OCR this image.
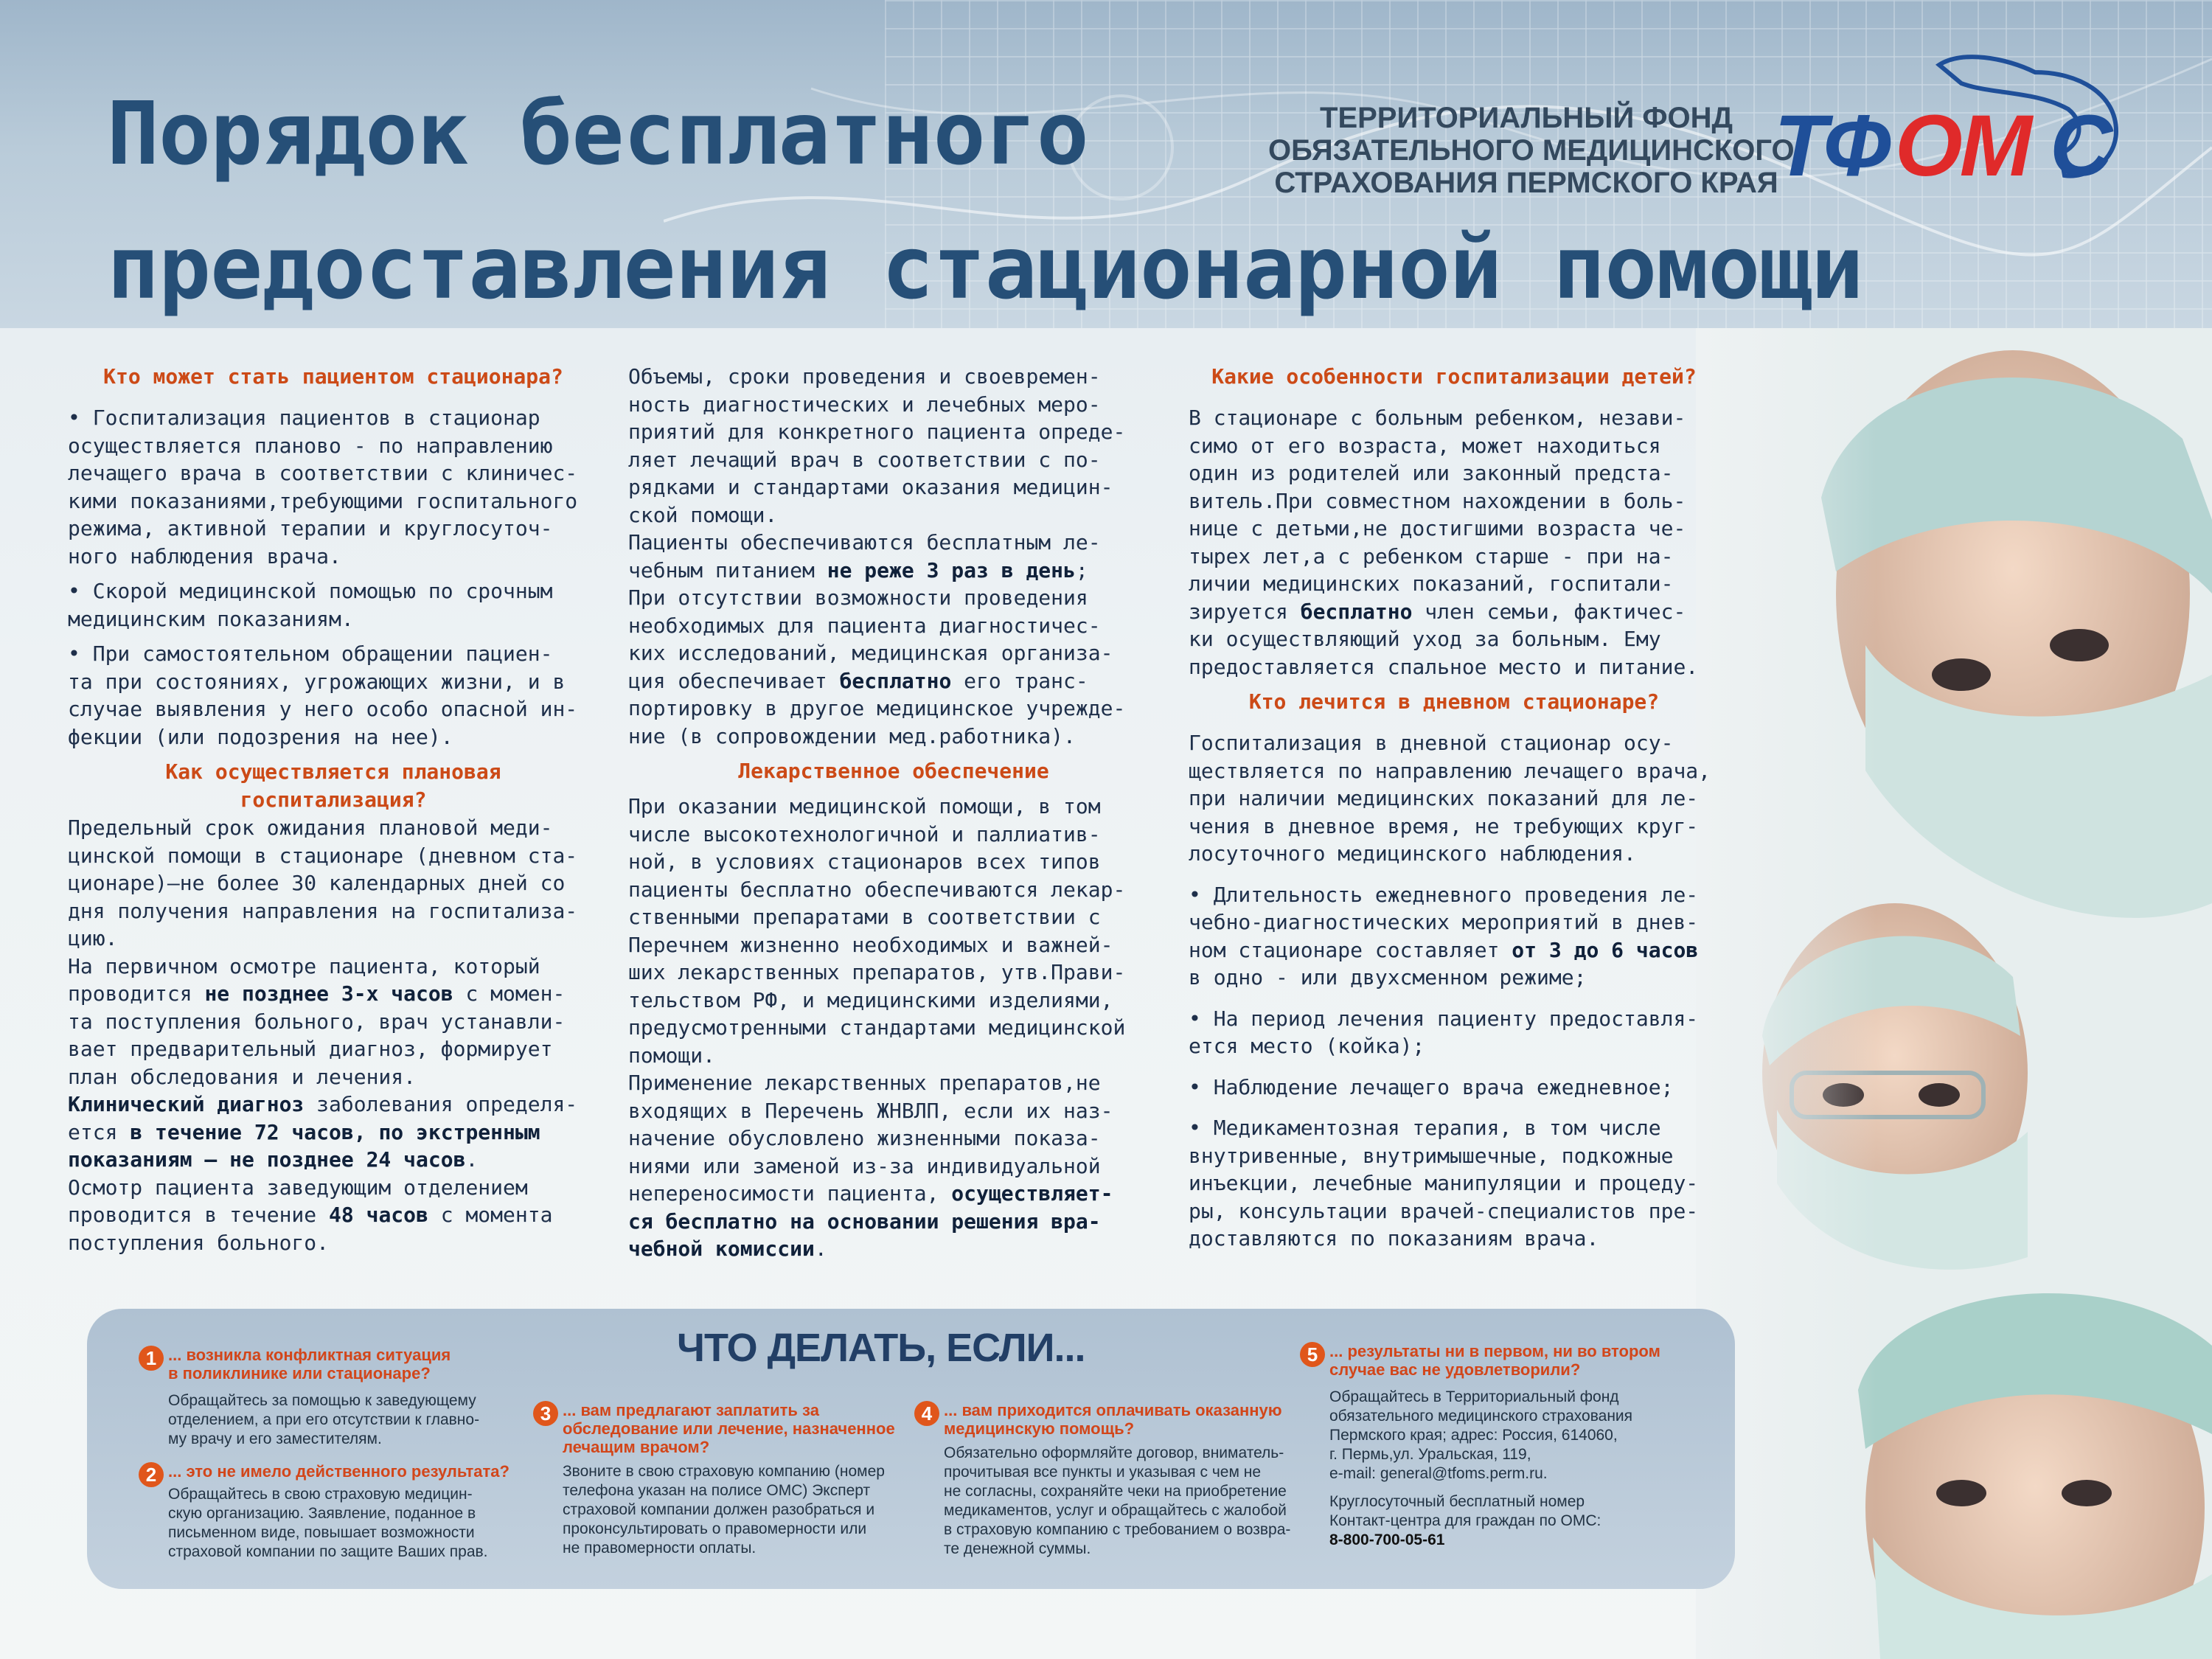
Порядок бесплатного
предоставления стационарной помощи
ТЕРРИТОРИАЛЬНЫЙ ФОНД
ОБЯЗАТЕЛЬНОГО МЕДИЦИНСКОГО
СТРАХОВАНИЯ ПЕРМСКОГО КРАЯ
ТФ ОМ С
Кто может стать пациентом стационара?
• Госпитализация пациентов в стационар
осуществляется планово - по направлению
лечащего врача в соответствии с клиничес-
кими показаниями,требующими госпитального
режима, активной терапии и круглосуточ-
ного наблюдения врача.
• Скорой медицинской помощью по срочным
медицинским показаниям.
• При самостоятельном обращении пациен-
та при состояниях, угрожающих жизни, и в
случае выявления у него особо опасной ин-
фекции (или подозрения на нее).
Как осуществляется плановая
госпитализация?
Предельный срок ожидания плановой меди-
цинской помощи в стационаре (дневном ста-
ционаре)–не более 30 календарных дней со
дня получения направления на госпитализа-
цию.
На первичном осмотре пациента, который
проводится не позднее 3-х часов с момен-
та поступления больного, врач устанавли-
вает предварительный диагноз, формирует
план обследования и лечения.
Клинический диагноз заболевания определя-
ется в течение 72 часов, по экстренным
показаниям – не позднее 24 часов.
Осмотр пациента заведующим отделением
проводится в течение 48 часов с момента
поступления больного.
Объемы, сроки проведения и своевремен-
ность диагностических и лечебных меро-
приятий для конкретного пациента опреде-
ляет лечащий врач в соответствии с по-
рядками и стандартами оказания медицин-
ской помощи.
Пациенты обеспечиваются бесплатным ле-
чебным питанием не реже 3 раз в день;
При отсутствии возможности проведения
необходимых для пациента диагностичес-
ких исследований, медицинская организа-
ция обеспечивает бесплатно его транс-
портировку в другое медицинское учрежде-
ние (в сопровождении мед.работника).
Лекарственное обеспечение
При оказании медицинской помощи, в том
числе высокотехнологичной и паллиатив-
ной, в условиях стационаров всех типов
пациенты бесплатно обеспечиваются лекар-
ственными препаратами в соответствии с
Перечнем жизненно необходимых и важней-
ших лекарственных препаратов, утв.Прави-
тельством РФ, и медицинскими изделиями,
предусмотренными стандартами медицинской
помощи.
Применение лекарственных препаратов,не
входящих в Перечень ЖНВЛП, если их наз-
начение обусловлено жизненными показа-
ниями или заменой из-за индивидуальной
непереносимости пациента, осуществляет-
ся бесплатно на основании решения вра-
чебной комиссии.
Какие особенности госпитализации детей?
В стационаре с больным ребенком, незави-
симо от его возраста, может находиться
один из родителей или законный предста-
витель.При совместном нахождении в боль-
нице с детьми,не достигшими возраста че-
тырех лет,а с ребенком старше - при на-
личии медицинских показаний, госпитали-
зируется бесплатно член семьи, фактичес-
ки осуществляющий уход за больным. Ему
предоставляется спальное место и питание.
Кто лечится в дневном стационаре?
Госпитализация в дневной стационар осу-
ществляется по направлению лечащего врача,
при наличии медицинских показаний для ле-
чения в дневное время, не требующих круг-
лосуточного медицинского наблюдения.
• Длительность ежедневного проведения ле-
чебно-диагностических мероприятий в днев-
ном стационаре составляет от 3 до 6 часов
в одно - или двухсменном режиме;
• На период лечения пациенту предоставля-
ется место (койка);
• Наблюдение лечащего врача ежедневное;
• Медикаментозная терапия, в том числе
внутривенные, внутримышечные, подкожные
инъекции, лечебные манипуляции и процеду-
ры, консультации врачей-специалистов пре-
доставляются по показаниям врача.
ЧТО ДЕЛАТЬ, ЕСЛИ...
1 ... возникла конфликтная ситуация
в поликлинике или стационаре?
Обращайтесь за помощью к заведующему
отделением, а при его отсутствии к главно-
му врачу и его заместителям.
2 ... это не имело действенного результата?
Обращайтесь в свою страховую медицин-
скую организацию. Заявление, поданное в
письменном виде, повышает возможности
страховой компании по защите Ваших прав.
3 ... вам предлагают заплатить за
обследование или лечение, назначенное
лечащим врачом?
Звоните в свою страховую компанию (номер
телефона указан на полисе ОМС) Эксперт
страховой компании должен разобраться и
проконсультировать о правомерности или
не правомерности оплаты.
4 ... вам приходится оплачивать оказанную
медицинскую помощь?
Обязательно оформляйте договор, вниматель-
прочитывая все пункты и указывая с чем не
не согласны, сохраняйте чеки на приобретение
медикаментов, услуг и обращайтесь с жалобой
в страховую компанию с требованием о возвра-
те денежной суммы.
5 ... результаты ни в первом, ни во втором
случае вас не удовлетворили?
Обращайтесь в Территориальный фонд
обязательного медицинского страхования
Пермского края; адрес: Россия, 614060,
г. Пермь,ул. Уральская, 119,
e-mail: general@tfoms.perm.ru.
Круглосуточный бесплатный номер
Контакт-центра для граждан по ОМС:
8-800-700-05-61
